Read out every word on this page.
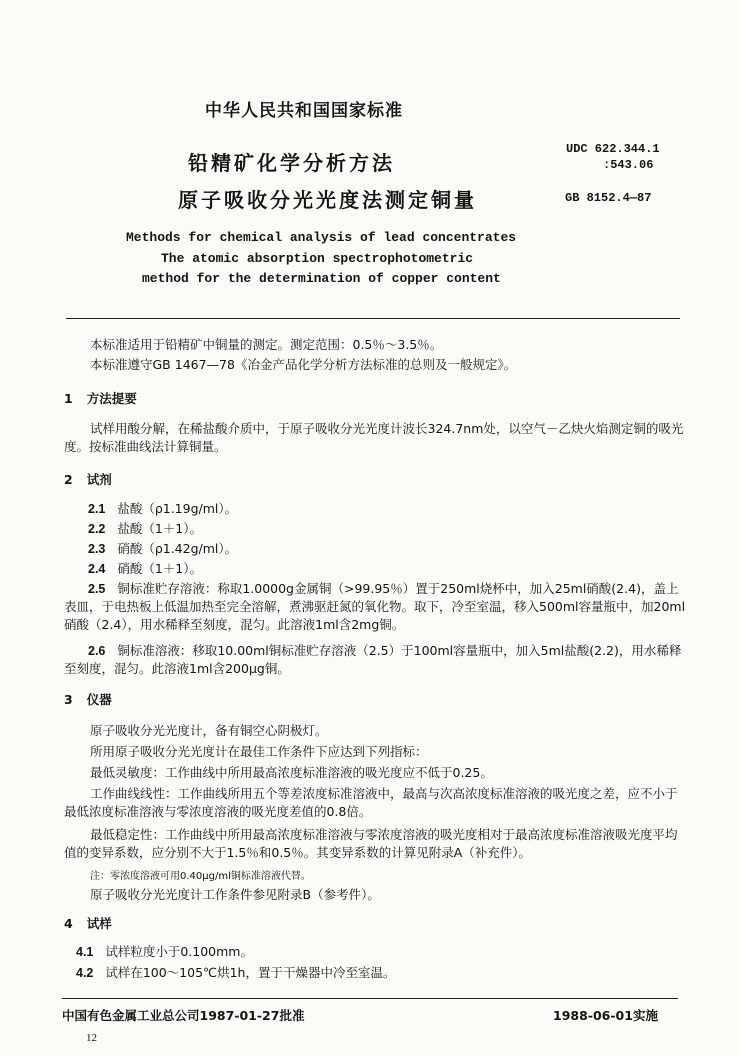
中华人民共和国国家标准
铅精矿化学分析方法
原子吸收分光光度法测定铜量
UDC 622.344.1
:543.06
GB 8152.4—87
Methods for chemical analysis of lead concentrates
The atomic absorption spectrophotometric
method for the determination of copper content
本标准适用于铅精矿中铜量的测定。测定范围：0.5％～3.5％。
本标准遵守GB 1467—78《冶金产品化学分析方法标准的总则及一般规定》。
1 方法提要
试样用酸分解，在稀盐酸介质中，于原子吸收分光光度计波长324.7nm处，以空气－乙炔火焰测定铜的吸光度。按标准曲线法计算铜量。
2 试剂
2.1 盐酸（ρ1.19g/ml）。
2.2 盐酸（1＋1）。
2.3 硝酸（ρ1.42g/ml）。
2.4 硝酸（1＋1）。
2.5 铜标准贮存溶液：称取1.0000g金属铜（>99.95％）置于250ml烧杯中，加入25ml硝酸(2.4)，盖上表皿，于电热板上低温加热至完全溶解，煮沸驱赶氮的氧化物。取下，冷至室温，移入500ml容量瓶中，加20ml硝酸（2.4），用水稀释至刻度，混匀。此溶液1ml含2mg铜。
2.6 铜标准溶液：移取10.00ml铜标准贮存溶液（2.5）于100ml容量瓶中，加入5ml盐酸(2.2)，用水稀释至刻度，混匀。此溶液1ml含200μg铜。
3 仪器
原子吸收分光光度计，备有铜空心阴极灯。
所用原子吸收分光光度计在最佳工作条件下应达到下列指标：
最低灵敏度：工作曲线中所用最高浓度标准溶液的吸光度应不低于0.25。
工作曲线线性：工作曲线所用五个等差浓度标准溶液中，最高与次高浓度标准溶液的吸光度之差，应不小于最低浓度标准溶液与零浓度溶液的吸光度差值的0.8倍。
最低稳定性：工作曲线中所用最高浓度标准溶液与零浓度溶液的吸光度相对于最高浓度标准溶液吸光度平均值的变异系数，应分别不大于1.5％和0.5％。其变异系数的计算见附录A（补充件）。
注：零浓度溶液可用0.40μg/ml铜标准溶液代替。
原子吸收分光光度计工作条件参见附录B（参考件）。
4 试样
4.1 试样粒度小于0.100mm。
4.2 试样在100～105℃烘1h，置于干燥器中冷至室温。
中国有色金属工业总公司1987-01-27批准	1988-06-01实施
12
